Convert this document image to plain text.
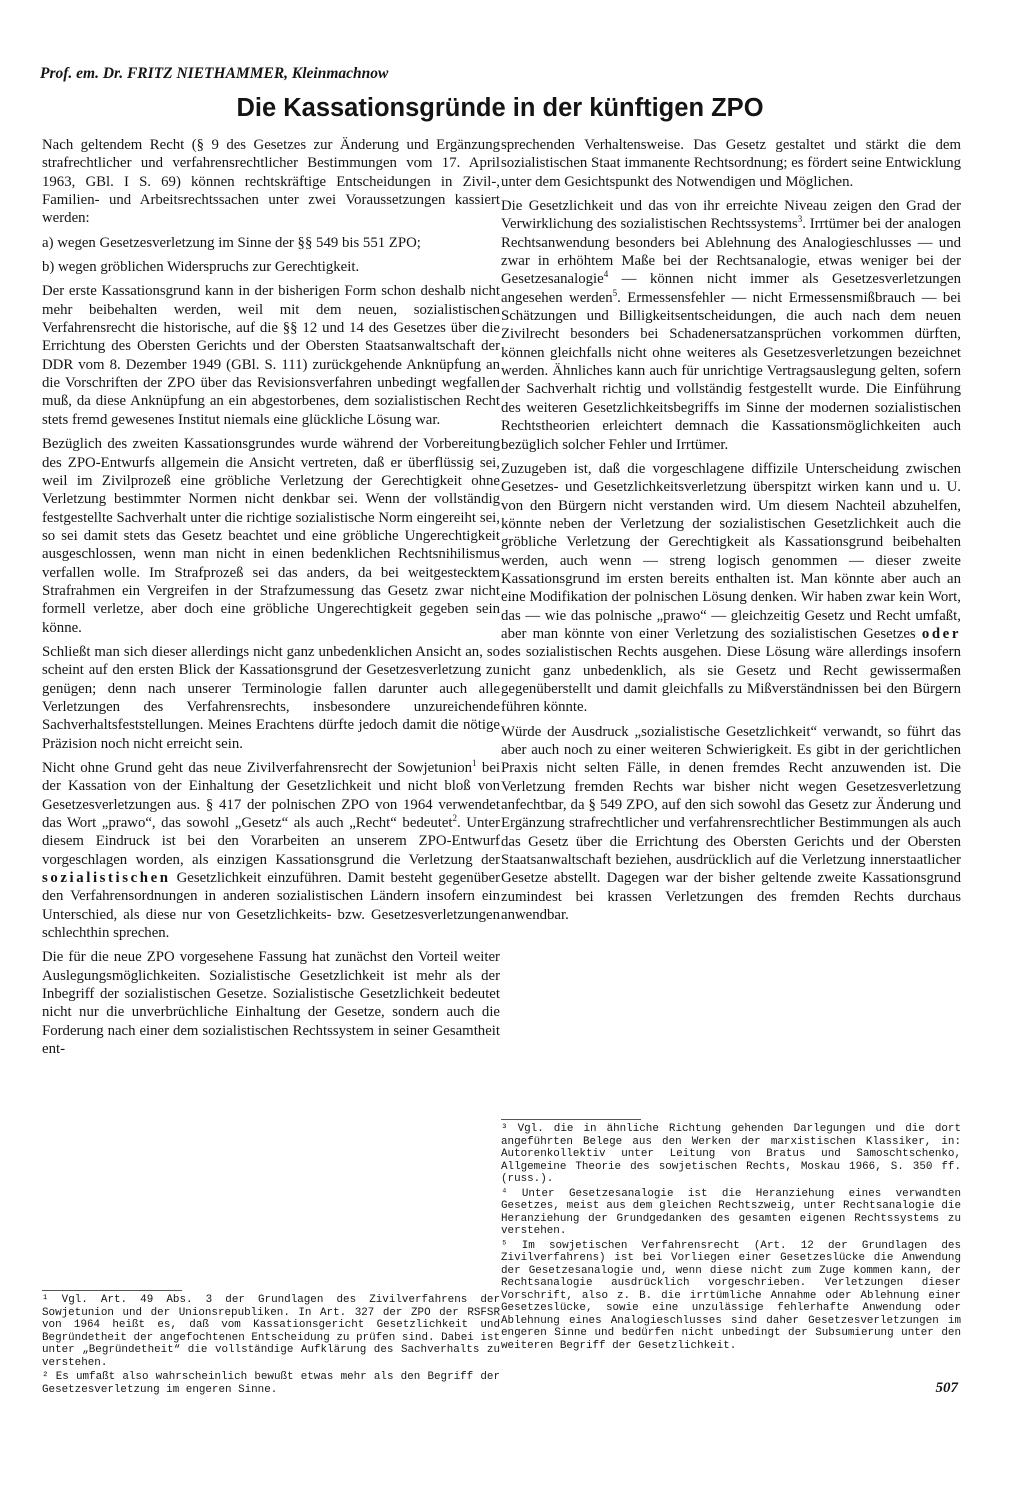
Prof. em. Dr. FRITZ NIETHAMMER, Kleinmachnow

Die Kassationsgründe in der künftigen ZPO

Nach geltendem Recht (§ 9 des Gesetzes zur Änderung und Ergänzung strafrechtlicher und verfahrensrechtlicher Bestimmungen vom 17. April 1963, GBl. I S. 69) können rechtskräftige Entscheidungen in Zivil-, Familien- und Arbeitsrechtssachen unter zwei Voraussetzungen kassiert werden:

a) wegen Gesetzesverletzung im Sinne der §§ 549 bis 551 ZPO;

b) wegen gröblichen Widerspruchs zur Gerechtigkeit.

Der erste Kassationsgrund kann in der bisherigen Form schon deshalb nicht mehr beibehalten werden, weil mit dem neuen, sozialistischen Verfahrensrecht die historische, auf die §§ 12 und 14 des Gesetzes über die Errichtung des Obersten Gerichts und der Obersten Staatsanwaltschaft der DDR vom 8. Dezember 1949 (GBl. S. 111) zurückgehende Anknüpfung an die Vorschriften der ZPO über das Revisionsverfahren unbedingt wegfallen muß, da diese Anknüpfung an ein abgestorbenes, dem sozialistischen Recht stets fremd gewesenes Institut niemals eine glückliche Lösung war.

Bezüglich des zweiten Kassationsgrundes wurde während der Vorbereitung des ZPO-Entwurfs allgemein die Ansicht vertreten, daß er überflüssig sei, weil im Zivilprozeß eine gröbliche Verletzung der Gerechtigkeit ohne Verletzung bestimmter Normen nicht denkbar sei. Wenn der vollständig festgestellte Sachverhalt unter die richtige sozialistische Norm eingereiht sei, so sei damit stets das Gesetz beachtet und eine gröbliche Ungerechtigkeit ausgeschlossen, wenn man nicht in einen bedenklichen Rechtsnihilismus verfallen wolle. Im Strafprozeß sei das anders, da bei weitgestecktem Strafrahmen ein Vergreifen in der Strafzumessung das Gesetz zwar nicht formell verletze, aber doch eine gröbliche Ungerechtigkeit gegeben sein könne.

Schließt man sich dieser allerdings nicht ganz unbedenklichen Ansicht an, so scheint auf den ersten Blick der Kassationsgrund der Gesetzesverletzung zu genügen; denn nach unserer Terminologie fallen darunter auch alle Verletzungen des Verfahrensrechts, insbesondere unzureichende Sachverhaltsfeststellungen. Meines Erachtens dürfte jedoch damit die nötige Präzision noch nicht erreicht sein.

Nicht ohne Grund geht das neue Zivilverfahrensrecht der Sowjetunion$^1$ bei der Kassation von der Einhaltung der Gesetzlichkeit und nicht bloß von Gesetzesverletzungen aus. § 417 der polnischen ZPO von 1964 verwendet das Wort „prawo“, das sowohl „Gesetz“ als auch „Recht“ bedeutet$^2$. Unter diesem Eindruck ist bei den Vorarbeiten an unserem ZPO-Entwurf vorgeschlagen worden, als einzigen Kassationsgrund die Verletzung der sozialistischen Gesetzlichkeit einzuführen. Damit besteht gegenüber den Verfahrensordnungen in anderen sozialistischen Ländern insofern ein Unterschied, als diese nur von Gesetzlichkeits- bzw. Gesetzesverletzungen schlechthin sprechen.

Die für die neue ZPO vorgesehene Fassung hat zunächst den Vorteil weiter Auslegungsmöglichkeiten. Sozialistische Gesetzlichkeit ist mehr als der Inbegriff der sozialistischen Gesetze. Sozialistische Gesetzlichkeit bedeutet nicht nur die unverbrüchliche Einhaltung der Gesetze, sondern auch die Forderung nach einer dem sozialistischen Rechtssystem in seiner Gesamtheit ent-

sprechenden Verhaltensweise. Das Gesetz gestaltet und stärkt die dem sozialistischen Staat immanente Rechtsordnung; es fördert seine Entwicklung unter dem Gesichtspunkt des Notwendigen und Möglichen.

Die Gesetzlichkeit und das von ihr erreichte Niveau zeigen den Grad der Verwirklichung des sozialistischen Rechtssystems$^3$. Irrtümer bei der analogen Rechtsanwendung besonders bei Ablehnung des Analogieschlusses — und zwar in erhöhtem Maße bei der Rechtsanalogie, etwas weniger bei der Gesetzesanalogie$^4$ — können nicht immer als Gesetzesverletzungen angesehen werden$^5$. Ermessensfehler — nicht Ermessensmißbrauch — bei Schätzungen und Billigkeitsentscheidungen, die auch nach dem neuen Zivilrecht besonders bei Schadenersatzansprüchen vorkommen dürften, können gleichfalls nicht ohne weiteres als Gesetzesverletzungen bezeichnet werden. Ähnliches kann auch für unrichtige Vertragsauslegung gelten, sofern der Sachverhalt richtig und vollständig festgestellt wurde. Die Einführung des weiteren Gesetzlichkeitsbegriffs im Sinne der modernen sozialistischen Rechtstheorien erleichtert demnach die Kassationsmöglichkeiten auch bezüglich solcher Fehler und Irrtümer.

Zuzugeben ist, daß die vorgeschlagene diffizile Unterscheidung zwischen Gesetzes- und Gesetzlichkeitsverletzung überspitzt wirken kann und u. U. von den Bürgern nicht verstanden wird. Um diesem Nachteil abzuhelfen, könnte neben der Verletzung der sozialistischen Gesetzlichkeit auch die gröbliche Verletzung der Gerechtigkeit als Kassationsgrund beibehalten werden, auch wenn — streng logisch genommen — dieser zweite Kassationsgrund im ersten bereits enthalten ist. Man könnte aber auch an eine Modifikation der polnischen Lösung denken. Wir haben zwar kein Wort, das — wie das polnische „prawo“ — gleichzeitig Gesetz und Recht umfaßt, aber man könnte von einer Verletzung des sozialistischen Gesetzes oder des sozialistischen Rechts ausgehen. Diese Lösung wäre allerdings insofern nicht ganz unbedenklich, als sie Gesetz und Recht gewissermaßen gegenüberstellt und damit gleichfalls zu Mißverständnissen bei den Bürgern führen könnte.

Würde der Ausdruck „sozialistische Gesetzlichkeit“ verwandt, so führt das aber auch noch zu einer weiteren Schwierigkeit. Es gibt in der gerichtlichen Praxis nicht selten Fälle, in denen fremdes Recht anzuwenden ist. Die Verletzung fremden Rechts war bisher nicht wegen Gesetzesverletzung anfechtbar, da § 549 ZPO, auf den sich sowohl das Gesetz zur Änderung und Ergänzung strafrechtlicher und verfahrensrechtlicher Bestimmungen als auch das Gesetz über die Errichtung des Obersten Gerichts und der Obersten Staatsanwaltschaft beziehen, ausdrücklich auf die Verletzung innerstaatlicher Gesetze abstellt. Dagegen war der bisher geltende zweite Kassationsgrund zumindest bei krassen Verletzungen des fremden Rechts durchaus anwendbar.

³ Vgl. die in ähnliche Richtung gehenden Darlegungen und die dort angeführten Belege aus den Werken der marxistischen Klassiker, in: Autorenkollektiv unter Leitung von Bratus und Samoschtschenko, Allgemeine Theorie des sowjetischen Rechts, Moskau 1966, S. 350 ff. (russ.).

⁴ Unter Gesetzesanalogie ist die Heranziehung eines verwandten Gesetzes, meist aus dem gleichen Rechtszweig, unter Rechtsanalogie die Heranziehung der Grundgedanken des gesamten eigenen Rechtssystems zu verstehen.

⁵ Im sowjetischen Verfahrensrecht (Art. 12 der Grundlagen des Zivilverfahrens) ist bei Vorliegen einer Gesetzeslücke die Anwendung der Gesetzesanalogie und, wenn diese nicht zum Zuge kommen kann, der Rechtsanalogie ausdrücklich vorgeschrieben. Verletzungen dieser Vorschrift, also z. B. die irrtümliche Annahme oder Ablehnung einer Gesetzeslücke, sowie eine unzulässige fehlerhafte Anwendung oder Ablehnung eines Analogieschlusses sind daher Gesetzesverletzungen im engeren Sinne und bedürfen nicht unbedingt der Subsumierung unter den weiteren Begriff der Gesetzlichkeit.

¹ Vgl. Art. 49 Abs. 3 der Grundlagen des Zivilverfahrens der Sowjetunion und der Unionsrepubliken. In Art. 327 der ZPO der RSFSR von 1964 heißt es, daß vom Kassationsgericht Gesetzlichkeit und Begründetheit der angefochtenen Entscheidung zu prüfen sind. Dabei ist unter „Begründetheit“ die vollständige Aufklärung des Sachverhalts zu verstehen.

² Es umfaßt also wahrscheinlich bewußt etwas mehr als den Begriff der Gesetzesverletzung im engeren Sinne.	507
